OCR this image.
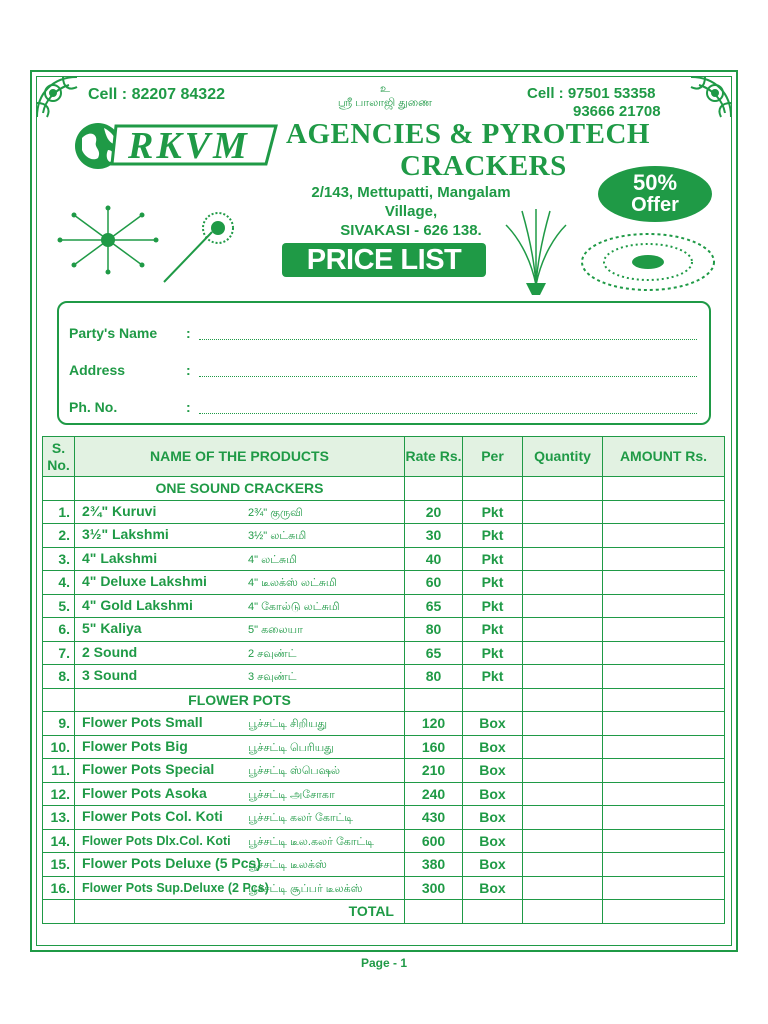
Cell : 82207 84322	Cell : 97501 53358
93666 21708
உ
ஸ்ரீ பாலாஜி துணை
RKVM AGENCIES & PYROTECH
CRACKERS
2/143, Mettupatti, Mangalam Village,
SIVAKASI - 626 138.
50%
Offer
PRICE LIST
Party's Name :
Address	:
Ph. No.	:
S. No.	NAME OF THE PRODUCTS	Rate Rs.	Per	Quantity	AMOUNT Rs.
	ONE SOUND CRACKERS				
1.	2¾" Kuruvi 2¾" குருவி	20	Pkt		
2.	3½" Lakshmi 3½" லட்சுமி	30	Pkt		
3.	4" Lakshmi 4" லட்சுமி	40	Pkt		
4.	4" Deluxe Lakshmi 4" டீலக்ஸ் லட்சுமி	60	Pkt		
5.	4" Gold Lakshmi 4" கோல்டு லட்சுமி	65	Pkt		
6.	5" Kaliya 5" கலையா	80	Pkt		
7.	2 Sound 2 சவுண்ட்	65	Pkt		
8.	3 Sound 3 சவுண்ட்	80	Pkt		
	FLOWER POTS				
9.	Flower Pots Small பூச்சட்டி சிறியது	120	Box		
10.	Flower Pots Big பூச்சட்டி பெரியது	160	Box		
11.	Flower Pots Special பூச்சட்டி ஸ்பெஷல்	210	Box		
12.	Flower Pots Asoka பூச்சட்டி அசோகா	240	Box		
13.	Flower Pots Col. Koti பூச்சட்டி கலர் கோட்டி	430	Box		
14.	Flower Pots Dlx.Col. Koti பூச்சட்டி டீல.கலர் கோட்டி	600	Box		
15.	Flower Pots Deluxe (5 Pcs)பூச்சட்டி டீலக்ஸ்	380	Box		
16.	Flower Pots Sup.Deluxe (2 Pcs)பூச்சட்டி சூப்பர் டீலக்ஸ்	300	Box		
	TOTAL				
Page - 1
